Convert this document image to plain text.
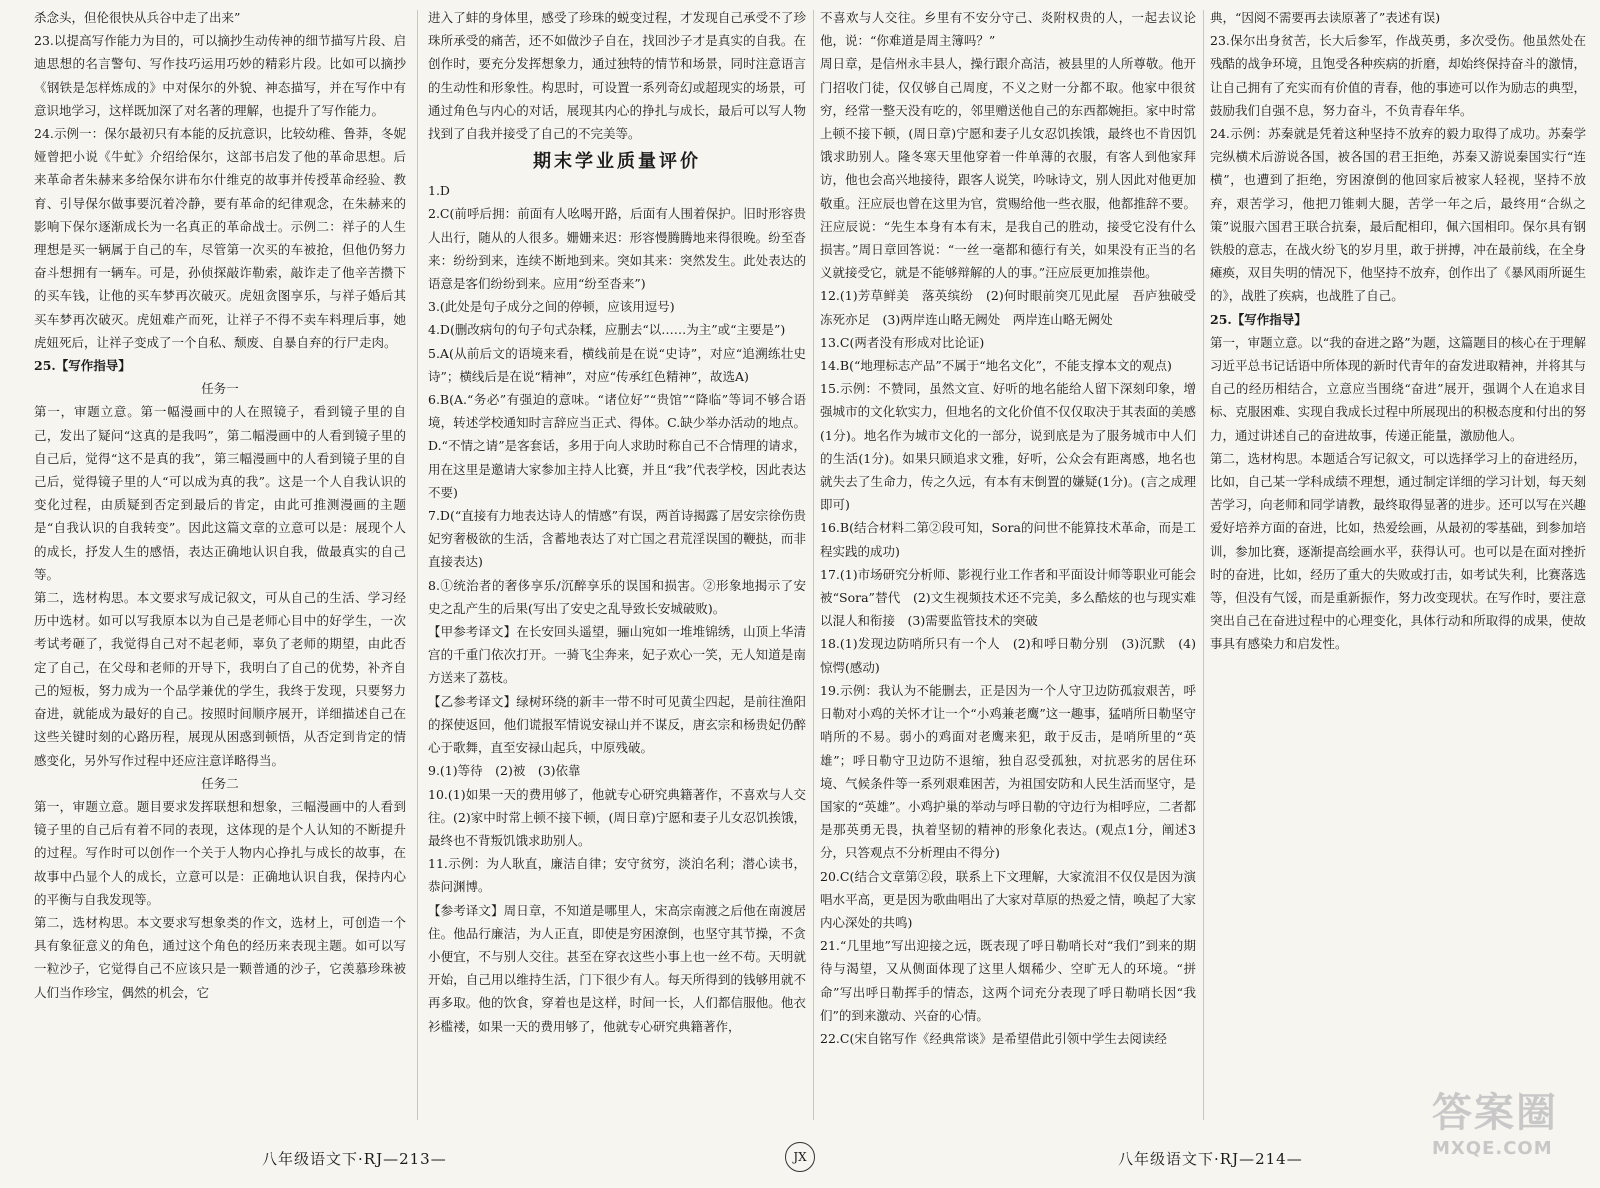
杀念头，但伦很快从兵谷中走了出来”

23.以提高写作能力为目的，可以摘抄生动传神的细节描写片段、启迪思想的名言警句、写作技巧运用巧妙的精彩片段。比如可以摘抄《钢铁是怎样炼成的》中对保尔的外貌、神态描写，并在写作中有意识地学习，这样既加深了对名著的理解，也提升了写作能力。

24.示例一：保尔最初只有本能的反抗意识，比较幼稚、鲁莽，冬妮娅曾把小说《牛虻》介绍给保尔，这部书启发了他的革命思想。后来革命者朱赫来多给保尔讲布尔什维克的故事并传授革命经验、教育、引导保尔做事要沉着冷静，要有革命的纪律观念，在朱赫来的影响下保尔逐渐成长为一名真正的革命战士。示例二：祥子的人生理想是买一辆属于自己的车，尽管第一次买的车被抢，但他仍努力奋斗想拥有一辆车。可是，孙侦探敲诈勒索，敲诈走了他辛苦攒下的买车钱，让他的买车梦再次破灭。虎妞贪图享乐，与祥子婚后其买车梦再次破灭。虎妞难产而死，让祥子不得不卖车料理后事，她虎妞死后，让祥子变成了一个自私、颓废、自暴自弃的行尸走肉。

25.【写作指导】

任务一

第一，审题立意。第一幅漫画中的人在照镜子，看到镜子里的自己，发出了疑问“这真的是我吗”，第二幅漫画中的人看到镜子里的自己后，觉得“这不是真的我”，第三幅漫画中的人看到镜子里的自己后，觉得镜子里的人“可以成为真的我”。这是一个人自我认识的变化过程，由质疑到否定到最后的肯定，由此可推测漫画的主题是“自我认识的自我转变”。因此这篇文章的立意可以是：展现个人的成长，抒发人生的感悟，表达正确地认识自我，做最真实的自己等。

第二，选材构思。本文要求写成记叙文，可从自己的生活、学习经历中选材。如可以写我原本以为自己是老师心目中的好学生，一次考试考砸了，我觉得自己对不起老师，辜负了老师的期望，由此否定了自己，在父母和老师的开导下，我明白了自己的优势，补齐自己的短板，努力成为一个品学兼优的学生，我终于发现，只要努力奋进，就能成为最好的自己。按照时间顺序展开，详细描述自己在这些关键时刻的心路历程，展现从困惑到顿悟，从否定到肯定的情感变化，另外写作过程中还应注意详略得当。

任务二

第一，审题立意。题目要求发挥联想和想象，三幅漫画中的人看到镜子里的自己后有着不同的表现，这体现的是个人认知的不断提升的过程。写作时可以创作一个关于人物内心挣扎与成长的故事，在故事中凸显个人的成长，立意可以是：正确地认识自我，保持内心的平衡与自我发现等。

第二，选材构思。本文要求写想象类的作文，选材上，可创造一个具有象征意义的角色，通过这个角色的经历来表现主题。如可以写一粒沙子，它觉得自己不应该只是一颗普通的沙子，它羡慕珍珠被人们当作珍宝，偶然的机会，它

进入了蚌的身体里，感受了珍珠的蜕变过程，才发现自己承受不了珍珠所承受的痛苦，还不如做沙子自在，找回沙子才是真实的自我。在创作时，要充分发挥想象力，通过独特的情节和场景，同时注意语言的生动性和形象性。构思时，可设置一系列奇幻或超现实的场景，可通过角色与内心的对话，展现其内心的挣扎与成长，最后可以写人物找到了自我并接受了自己的不完美等。

期末学业质量评价

1.D

2.C(前呼后拥：前面有人吆喝开路，后面有人围着保护。旧时形容贵人出行，随从的人很多。姗姗来迟：形容慢腾腾地来得很晚。纷至沓来：纷纷到来，连续不断地到来。突如其来：突然发生。此处表达的语意是客们纷纷到来。应用“纷至沓来”)

3.(此处是句子成分之间的停顿，应该用逗号)

4.D(删改病句的句子句式杂糅，应删去“以……为主”或“主要是”)

5.A(从前后文的语境来看，横线前是在说“史诗”，对应“追溯练壮史诗”；横线后是在说“精神”，对应“传承红色精神”，故选A)

6.B(A.“务必”有强迫的意味。“诸位好”“贵馆”“降临”等词不够合语境，转述学校通知时言辞应当正式、得体。C.缺少举办活动的地点。D.“不情之请”是客套话，多用于向人求助时称自己不合情理的请求，用在这里是邀请大家参加主持人比赛，并且“我”代表学校，因此表达不要)

7.D(“直接有力地表达诗人的情感”有误，两首诗揭露了居安宗徐伤贵妃穷奢极欲的生活，含蓄地表达了对亡国之君荒淫误国的鞭挞，而非直接表达)

8.①统治者的奢侈享乐/沉醉享乐的误国和损害。②形象地揭示了安史之乱产生的后果(写出了安史之乱导致长安城破败)。

【甲参考译文】在长安回头遥望，骊山宛如一堆堆锦绣，山顶上华清宫的千重门依次打开。一骑飞尘奔来，妃子欢心一笑，无人知道是南方送来了荔枝。

【乙参考译文】绿树环绕的新丰一带不时可见黄尘四起，是前往渔阳的探使返回，他们谎报军情说安禄山并不谋反，唐玄宗和杨贵妃仍醉心于歌舞，直至安禄山起兵，中原残破。

9.(1)等待　(2)被　(3)依靠

10.(1)如果一天的费用够了，他就专心研究典籍著作，不喜欢与人交往。(2)家中时常上顿不接下顿，(周日章)宁愿和妻子儿女忍饥挨饿，最终也不背叛饥饿求助别人。

11.示例：为人耿直，廉洁自律；安守贫穷，淡泊名利；潜心读书，恭问渊博。

【参考译文】周日章，不知道是哪里人，宋高宗南渡之后他在南渡居住。他品行廉洁，为人正直，即使是穷困潦倒，也坚守其节操，不贪小便宜，不与别人交往。甚至在穿衣这些小事上也一丝不苟。天明就开始，自己用以维持生活，门下很少有人。每天所得到的钱够用就不再多取。他的饮食，穿着也是这样，时间一长，人们都信服他。他衣衫槛褛，如果一天的费用够了，他就专心研究典籍著作，

不喜欢与人交往。乡里有不安分守己、炎附权贵的人，一起去议论他，说：“你难道是周主簿吗？”

周日章，是信州永丰县人，操行跟介高洁，被县里的人所尊敬。他开门招收门徒，仅仅够自己周度，不义之财一分都不取。他家中很贫穷，经常一整天没有吃的，邻里赠送他自己的东西都婉拒。家中时常上顿不接下顿，(周日章)宁愿和妻子儿女忍饥挨饿，最终也不肯因饥饿求助别人。隆冬寒天里他穿着一件单薄的衣服，有客人到他家拜访，他也会高兴地接待，跟客人说笑，吟咏诗文，别人因此对他更加敬重。汪应辰也曾在这里为官，赏赐给他一些衣服，他都推辞不要。汪应辰说：“先生本身有本有末，是我自己的胜动，接受它没有什么损害。”周日章回答说：“一丝一毫都和德行有关，如果没有正当的名义就接受它，就是不能够辩解的人的事。”汪应辰更加推崇他。

12.(1)芳草鲜美　落英缤纷　(2)何时眼前突兀见此屋　吾庐独破受冻死亦足　(3)两岸连山略无阙处　两岸连山略无阙处

13.C(两者没有形成对比论证)

14.B(“地理标志产品”不属于“地名文化”，不能支撑本文的观点)

15.示例：不赞同，虽然文宣、好听的地名能给人留下深刻印象，增强城市的文化软实力，但地名的文化价值不仅仅取决于其表面的美感(1分)。地名作为城市文化的一部分，说到底是为了服务城市中人们的生活(1分)。如果只顾追求文雅，好听，公众会有距离感，地名也就失去了生命力，传之久远，有本有末倒置的嫌疑(1分)。(言之成理即可)

16.B(结合材料二第②段可知，Sora的问世不能算技术革命，而是工程实践的成功)

17.(1)市场研究分析师、影视行业工作者和平面设计师等职业可能会被“Sora”替代　(2)文生视频技术还不完美，多么酷炫的也与现实难以混人和衔接　(3)需要监管技术的突破

18.(1)发现边防哨所只有一个人　(2)和呼日勒分别　(3)沉默　(4)惊愕(感动)

19.示例：我认为不能删去，正是因为一个人守卫边防孤寂艰苦，呼日勒对小鸡的关怀才让一个“小鸡兼老鹰”这一趣事，猛哨所日勒坚守哨所的不易。弱小的鸡面对老鹰来犯，敢于反击，是哨所里的“英雄”；呼日勒守卫边防不退缩，独自忍受孤独，对抗恶劣的居住环境、气候条件等一系列艰难困苦，为祖国安防和人民生活而坚守，是国家的“英雄”。小鸡护巢的举动与呼日勒的守边行为相呼应，二者都是那英勇无畏，执着坚韧的精神的形象化表达。(观点1分，阐述3分，只答观点不分析理由不得分)

20.C(结合文章第②段，联系上下文理解，大家流泪不仅仅是因为演唱水平高，更是因为歌曲唱出了大家对草原的热爱之情，唤起了大家内心深处的共鸣)

21.“几里地”写出迎接之远，既表现了呼日勒哨长对“我们”到来的期待与渴望，又从侧面体现了这里人烟稀少、空旷无人的环境。“拼命”写出呼日勒挥手的情态，这两个词充分表现了呼日勒哨长因“我们”的到来激动、兴奋的心情。

22.C(宋自铭写作《经典常谈》是希望借此引领中学生去阅读经

典，“因阅不需要再去读原著了”表述有误)

23.保尔出身贫苦，长大后参军，作战英勇，多次受伤。他虽然处在残酷的战争环境，且饱受各种疾病的折磨，却始终保持奋斗的激情，让自己拥有了充实而有价值的青春，他的事迹可以作为励志的典型，鼓励我们自强不息，努力奋斗，不负青春年华。

24.示例：苏秦就是凭着这种坚持不放弃的毅力取得了成功。苏秦学完纵横术后游说各国，被各国的君王拒绝，苏秦又游说秦国实行“连横”，也遭到了拒绝，穷困潦倒的他回家后被家人轻视，坚持不放弃，艰苦学习，他把刀锥刺大腿，苦学一年之后，最终用“合纵之策”说服六国君王联合抗秦，最后配相印，佩六国相印。保尔具有钢铁般的意志，在战火纷飞的岁月里，敢于拼搏，冲在最前线，在全身瘫痪，双目失明的情况下，他坚持不放弃，创作出了《暴风雨所诞生的》，战胜了疾病，也战胜了自己。

25.【写作指导】

第一，审题立意。以“我的奋进之路”为题，这篇题目的核心在于理解习近平总书记话语中所体现的新时代青年的奋发进取精神，并将其与自己的经历相结合，立意应当围绕“奋进”展开，强调个人在追求目标、克服困难、实现自我成长过程中所展现出的积极态度和付出的努力，通过讲述自己的奋进故事，传递正能量，激励他人。

第二，选材构思。本题适合写记叙文，可以选择学习上的奋进经历，比如，自己某一学科成绩不理想，通过制定详细的学习计划，每天刻苦学习，向老师和同学请教，最终取得显著的进步。还可以写在兴趣爱好培养方面的奋进，比如，热爱绘画，从最初的零基础，到参加培训，参加比赛，逐渐提高绘画水平，获得认可。也可以是在面对挫折时的奋进，比如，经历了重大的失败或打击，如考试失利，比赛落选等，但没有气馁，而是重新振作，努力改变现状。在写作时，要注意突出自己在奋进过程中的心理变化，具体行动和所取得的成果，使故事具有感染力和启发性。

八年级语文下·RJ—213—	JX	八年级语文下·RJ—214—
答案圈
MXQE.COM
